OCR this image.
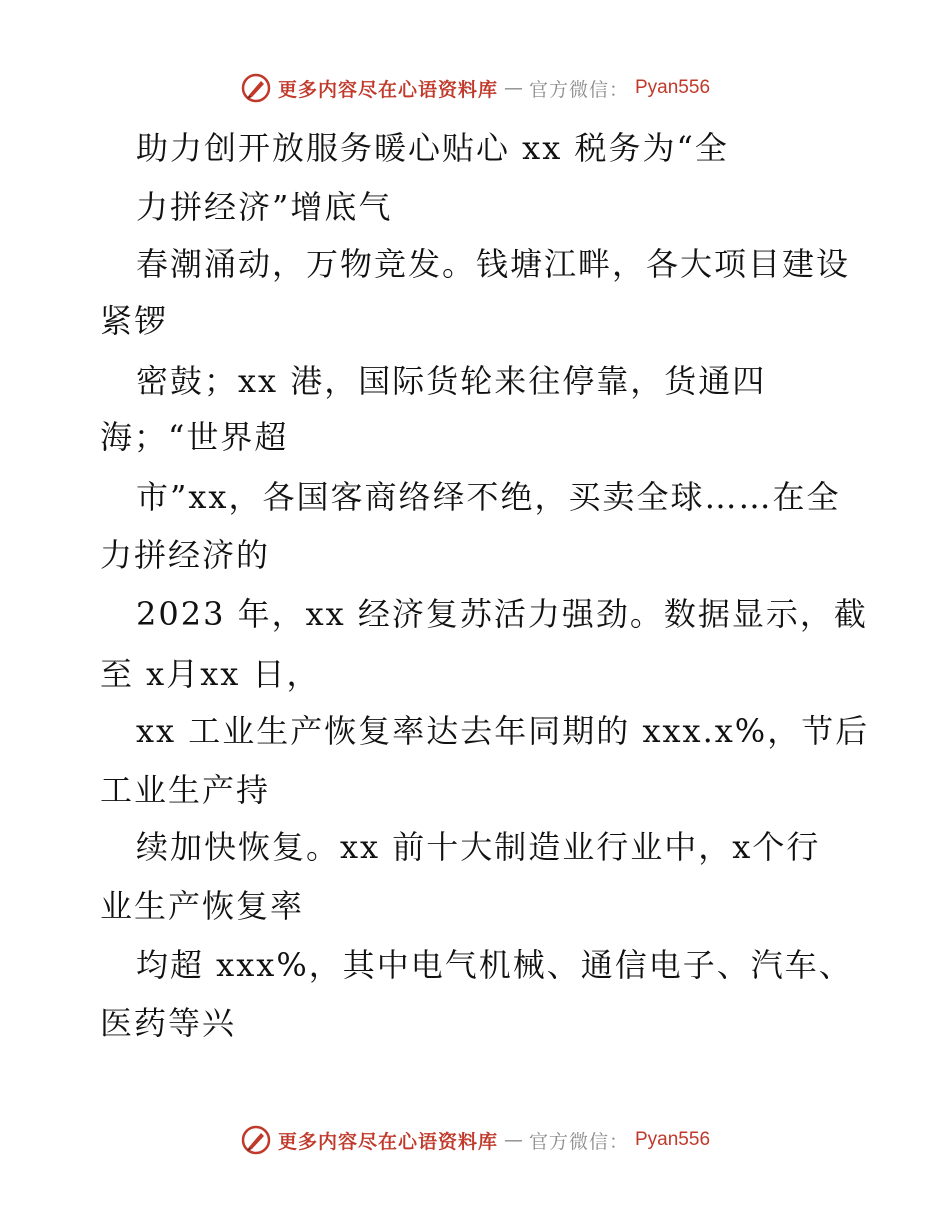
更多内容尽在心语资料库 — 官方微信： Pyan556
助力创开放服务暖心贴心 xx 税务为“全
力拼经济”增底气
春潮涌动，万物竞发。钱塘江畔，各大项目建设
紧锣
密鼓；xx 港，国际货轮来往停靠，货通四
海；“世界超
市”xx，各国客商络绎不绝，买卖全球……在全
力拼经济的
2023 年，xx 经济复苏活力强劲。数据显示，截
至 x月xx 日，
xx 工业生产恢复率达去年同期的 xxx.x%，节后
工业生产持
续加快恢复。xx 前十大制造业行业中，x个行
业生产恢复率
均超 xxx%，其中电气机械、通信电子、汽车、
医药等兴
更多内容尽在心语资料库 — 官方微信： Pyan556
